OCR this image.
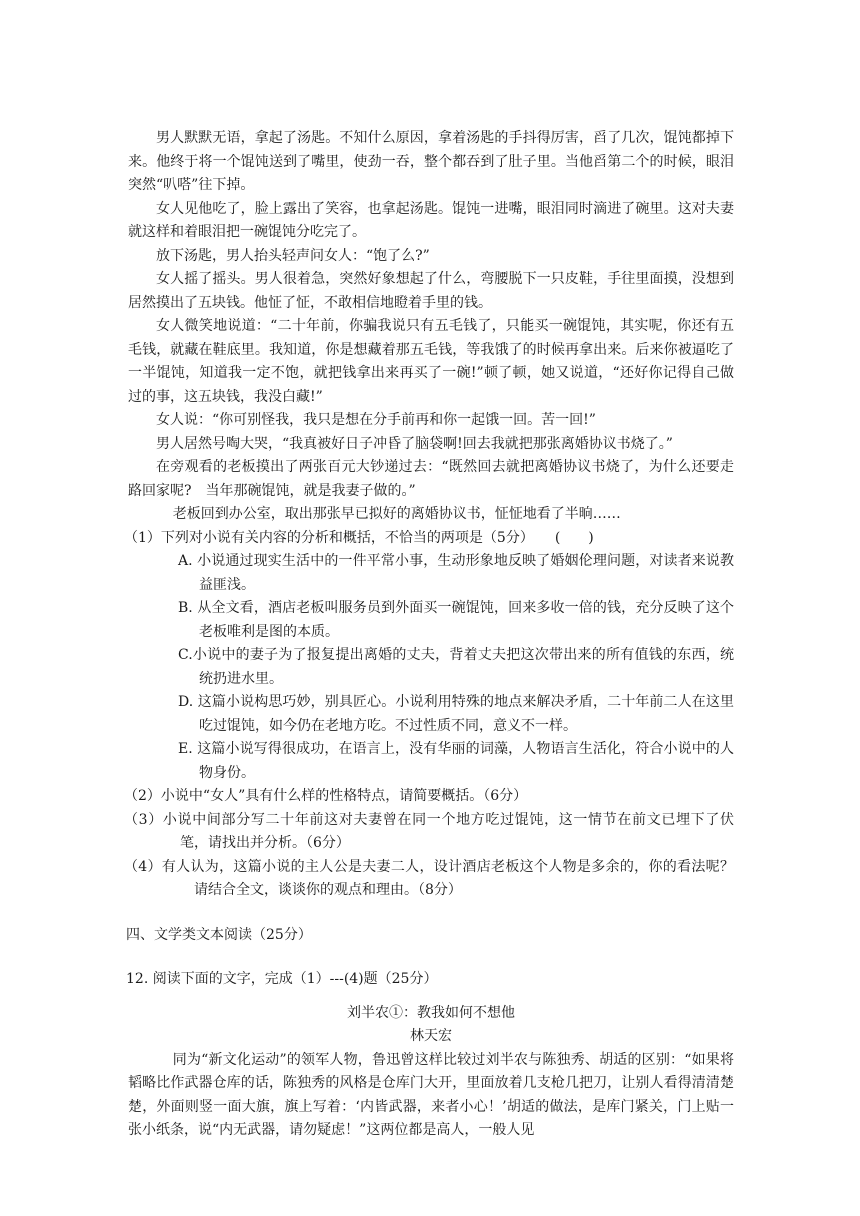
男人默默无语，拿起了汤匙。不知什么原因，拿着汤匙的手抖得厉害，舀了几次，馄饨都掉下来。他终于将一个馄饨送到了嘴里，使劲一吞，整个都吞到了肚子里。当他舀第二个的时候，眼泪突然“叭嗒”往下掉。

女人见他吃了，脸上露出了笑容，也拿起汤匙。馄饨一进嘴，眼泪同时滴进了碗里。这对夫妻就这样和着眼泪把一碗馄饨分吃完了。

放下汤匙，男人抬头轻声问女人：“饱了么?”

女人摇了摇头。男人很着急，突然好象想起了什么，弯腰脱下一只皮鞋，手往里面摸，没想到居然摸出了五块钱。他怔了怔，不敢相信地瞪着手里的钱。

女人微笑地说道：“二十年前，你骗我说只有五毛钱了，只能买一碗馄饨，其实呢，你还有五毛钱，就藏在鞋底里。我知道，你是想藏着那五毛钱，等我饿了的时候再拿出来。后来你被逼吃了一半馄饨，知道我一定不饱，就把钱拿出来再买了一碗!”顿了顿，她又说道，“还好你记得自己做过的事，这五块钱，我没白藏!”

女人说：“你可别怪我，我只是想在分手前再和你一起饿一回。苦一回!”

男人居然号啕大哭，“我真被好日子冲昏了脑袋啊!回去我就把那张离婚协议书烧了。”

在旁观看的老板摸出了两张百元大钞递过去：“既然回去就把离婚协议书烧了，为什么还要走路回家呢?　当年那碗馄饨，就是我妻子做的。”

老板回到办公室，取出那张早已拟好的离婚协议书，怔怔地看了半晌……

（1）下列对小说有关内容的分析和概括，不恰当的两项是（5分）　　(　　)

A. 小说通过现实生活中的一件平常小事，生动形象地反映了婚姻伦理问题，对读者来说教益匪浅。

B. 从全文看，酒店老板叫服务员到外面买一碗馄饨，回来多收一倍的钱，充分反映了这个老板唯利是图的本质。

C.小说中的妻子为了报复提出离婚的丈夫，背着丈夫把这次带出来的所有值钱的东西，统统扔进水里。

D. 这篇小说构思巧妙，别具匠心。小说利用特殊的地点来解决矛盾，二十年前二人在这里吃过馄饨，如今仍在老地方吃。不过性质不同，意义不一样。

E. 这篇小说写得很成功，在语言上，没有华丽的词藻，人物语言生活化，符合小说中的人物身份。

（2）小说中“女人”具有什么样的性格特点，请简要概括。（6分）

（3）小说中间部分写二十年前这对夫妻曾在同一个地方吃过馄饨，这一情节在前文已埋下了伏笔，请找出并分析。（6分）

（4）有人认为，这篇小说的主人公是夫妻二人，设计酒店老板这个人物是多余的，你的看法呢？请结合全文，谈谈你的观点和理由。（8分）

四、文学类文本阅读（25分）

12. 阅读下面的文字，完成（1）---(4)题（25分）

刘半农①：教我如何不想他

林天宏

同为“新文化运动”的领军人物，鲁迅曾这样比较过刘半农与陈独秀、胡适的区别：“如果将韬略比作武器仓库的话，陈独秀的风格是仓库门大开，里面放着几支枪几把刀，让别人看得清清楚楚，外面则竖一面大旗，旗上写着：‘内皆武器，来者小心！’胡适的做法，是库门紧关，门上贴一张小纸条，说“内无武器，请勿疑虑！”这两位都是高人，一般人见
